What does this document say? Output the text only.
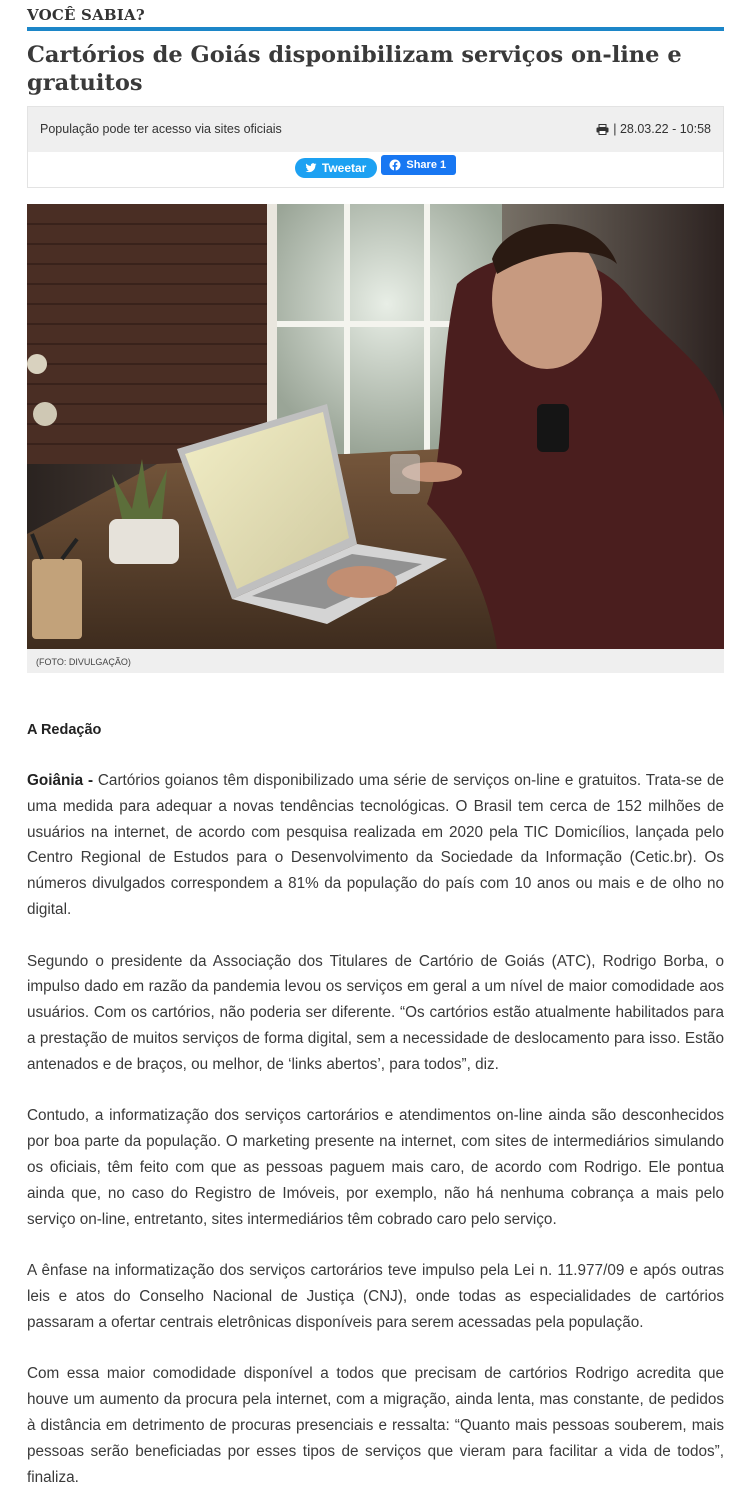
VOCÊ SABIA?
Cartórios de Goiás disponibilizam serviços on-line e gratuitos
População pode ter acesso via sites oficiais	| 28.03.22 - 10:58
Tweetar	Share 1
(FOTO: DIVULGAÇÃO)
A Redação

Goiânia - Cartórios goianos têm disponibilizado uma série de serviços on-line e gratuitos. Trata-se de uma medida para adequar a novas tendências tecnológicas. O Brasil tem cerca de 152 milhões de usuários na internet, de acordo com pesquisa realizada em 2020 pela TIC Domicílios, lançada pelo Centro Regional de Estudos para o Desenvolvimento da Sociedade da Informação (Cetic.br). Os números divulgados correspondem a 81% da população do país com 10 anos ou mais e de olho no digital.

Segundo o presidente da Associação dos Titulares de Cartório de Goiás (ATC), Rodrigo Borba, o impulso dado em razão da pandemia levou os serviços em geral a um nível de maior comodidade aos usuários. Com os cartórios, não poderia ser diferente. “Os cartórios estão atualmente habilitados para a prestação de muitos serviços de forma digital, sem a necessidade de deslocamento para isso. Estão antenados e de braços, ou melhor, de ‘links abertos’, para todos”, diz.

Contudo, a informatização dos serviços cartorários e atendimentos on-line ainda são desconhecidos por boa parte da população. O marketing presente na internet, com sites de intermediários simulando os oficiais, têm feito com que as pessoas paguem mais caro, de acordo com Rodrigo. Ele pontua ainda que, no caso do Registro de Imóveis, por exemplo, não há nenhuma cobrança a mais pelo serviço on-line, entretanto, sites intermediários têm cobrado caro pelo serviço.

A ênfase na informatização dos serviços cartorários teve impulso pela Lei n. 11.977/09 e após outras leis e atos do Conselho Nacional de Justiça (CNJ), onde todas as especialidades de cartórios passaram a ofertar centrais eletrônicas disponíveis para serem acessadas pela população.

Com essa maior comodidade disponível a todos que precisam de cartórios Rodrigo acredita que houve um aumento da procura pela internet, com a migração, ainda lenta, mas constante, de pedidos à distância em detrimento de procuras presenciais e ressalta: “Quanto mais pessoas souberem, mais pessoas serão beneficiadas por esses tipos de serviços que vieram para facilitar a vida de todos”, finaliza.
